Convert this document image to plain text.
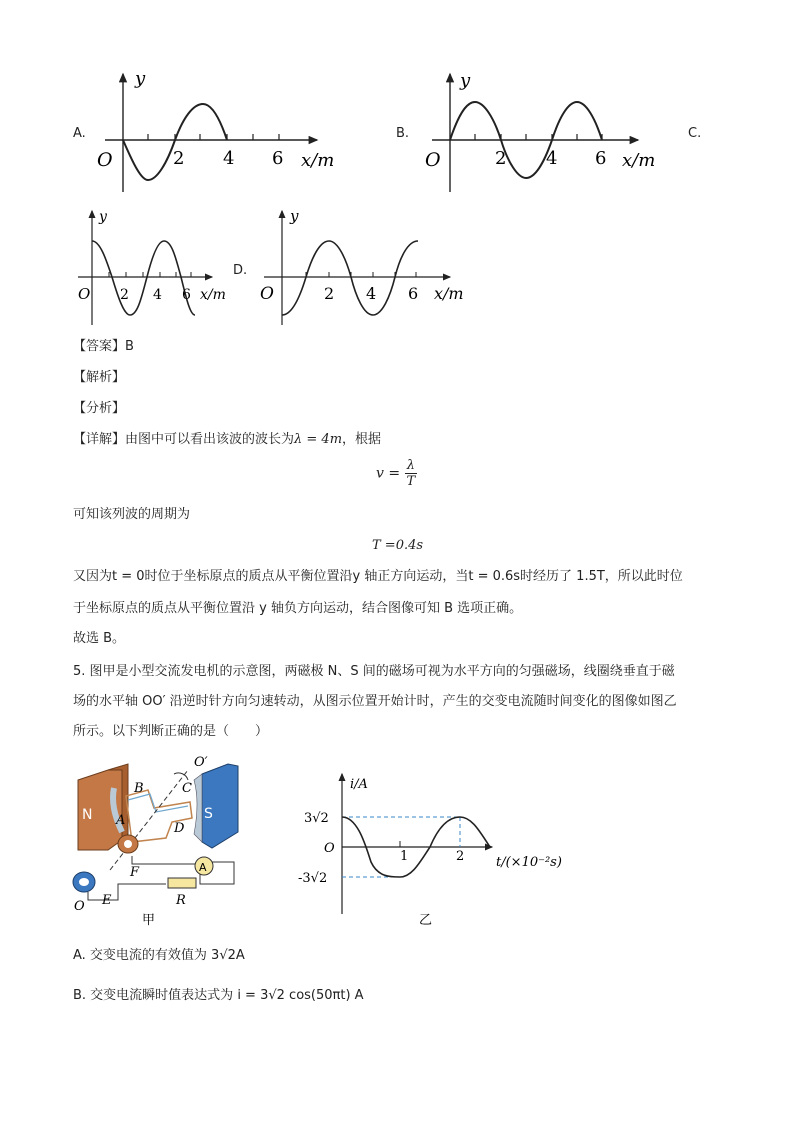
A.	B.	C.
D.
y
O	2 4 6 x/m
y
O	2 4 6 x/m
y
O 2 4 6 x/m
y
O	2 4 6 x/m
【答案】B
【解析】
【分析】
【详解】由图中可以看出该波的波长为λ = 4m，根据
$v = \frac{\lambda}{T}$
可知该列波的周期为
T =0.4s
又因为t = 0时位于坐标原点的质点从平衡位置沿y 轴正方向运动，当t = 0.6s时经历了 1.5T，所以此时位
于坐标原点的质点从平衡位置沿 y 轴负方向运动，结合图像可知 B 选项正确。
故选 B。
5. 图甲是小型交流发电机的示意图，两磁极 N、S 间的磁场可视为水平方向的匀强磁场，线圈绕垂直于磁
场的水平轴 OO′ 沿逆时针方向匀速转动，从图示位置开始计时，产生的交变电流随时间变化的图像如图乙
所示。以下判断正确的是（　　）
N	S
A
O′
B	C
A
D
F
E	R
O
甲
i/A
3√2
O
-3√2
1	2 t/(×10⁻²s)
乙
A. 交变电流的有效值为 3√2A
B. 交变电流瞬时值表达式为 i = 3√2 cos(50πt) A
